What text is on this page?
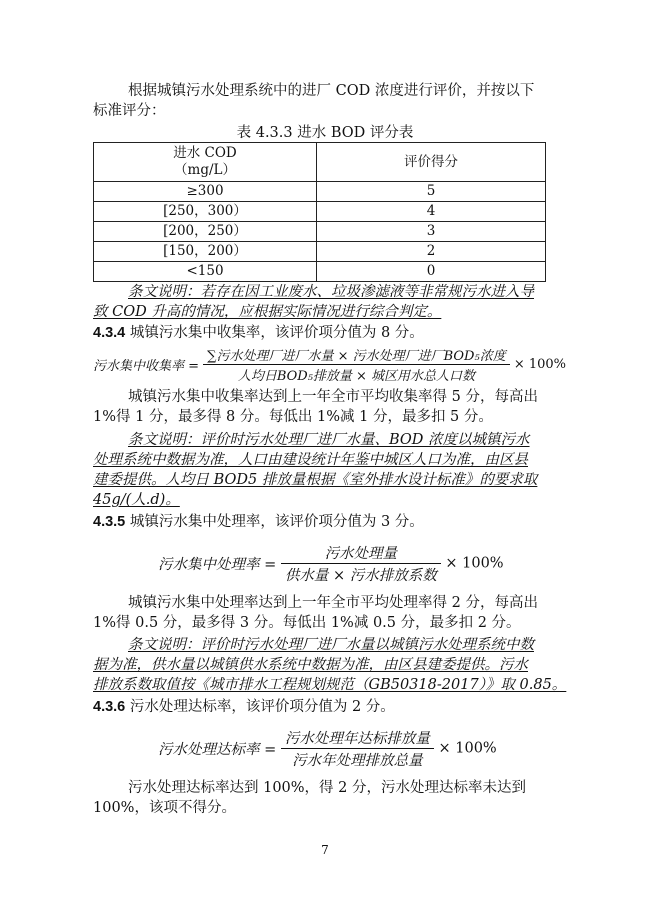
根据城镇污水处理系统中的进厂 COD 浓度进行评价，并按以下
标准评分：
表 4.3.3 进水 BOD 评分表
进水 COD
（mg/L）	评价得分
≥300	5
[250，300）	4
[200，250）	3
[150，200）	2
<150	0
条文说明：若存在因工业废水、垃圾渗滤液等非常规污水进入导
致 COD 升高的情况，应根据实际情况进行综合判定。
4.3.4 城镇污水集中收集率，该评价项分值为 8 分。
污水集中收集率 = $\frac{\text{∑污水处理厂进厂水量 × 污水处理厂进厂BOD₅浓度}}{\text{人均日BOD₅排放量 × 城区用水总人口数}} \times 100\%$
城镇污水集中收集率达到上一年全市平均收集率得 5 分，每高出
1%得 1 分，最多得 8 分。每低出 1%减 1 分，最多扣 5 分。
条文说明：评价时污水处理厂进厂水量、BOD 浓度以城镇污水
处理系统中数据为准，人口由建设统计年鉴中城区人口为准，由区县
建委提供。人均日 BOD5 排放量根据《室外排水设计标准》的要求取
45g/(人.d)。
4.3.5 城镇污水集中处理率，该评价项分值为 3 分。
污水集中处理率 = $\frac{\text{污水处理量}}{\text{供水量 × 污水排放系数}} \times 100\%$
城镇污水集中处理率达到上一年全市平均处理率得 2 分，每高出
1%得 0.5 分，最多得 3 分。每低出 1%减 0.5 分，最多扣 2 分。
条文说明：评价时污水处理厂进厂水量以城镇污水处理系统中数
据为准，供水量以城镇供水系统中数据为准，由区县建委提供。污水
排放系数取值按《城市排水工程规划规范（GB50318-2017）》取 0.85。
4.3.6 污水处理达标率，该评价项分值为 2 分。
污水处理达标率 = $\frac{\text{污水处理年达标排放量}}{\text{污水年处理排放总量}} \times 100\%$
污水处理达标率达到 100%，得 2 分，污水处理达标率未达到
100%，该项不得分。
7
